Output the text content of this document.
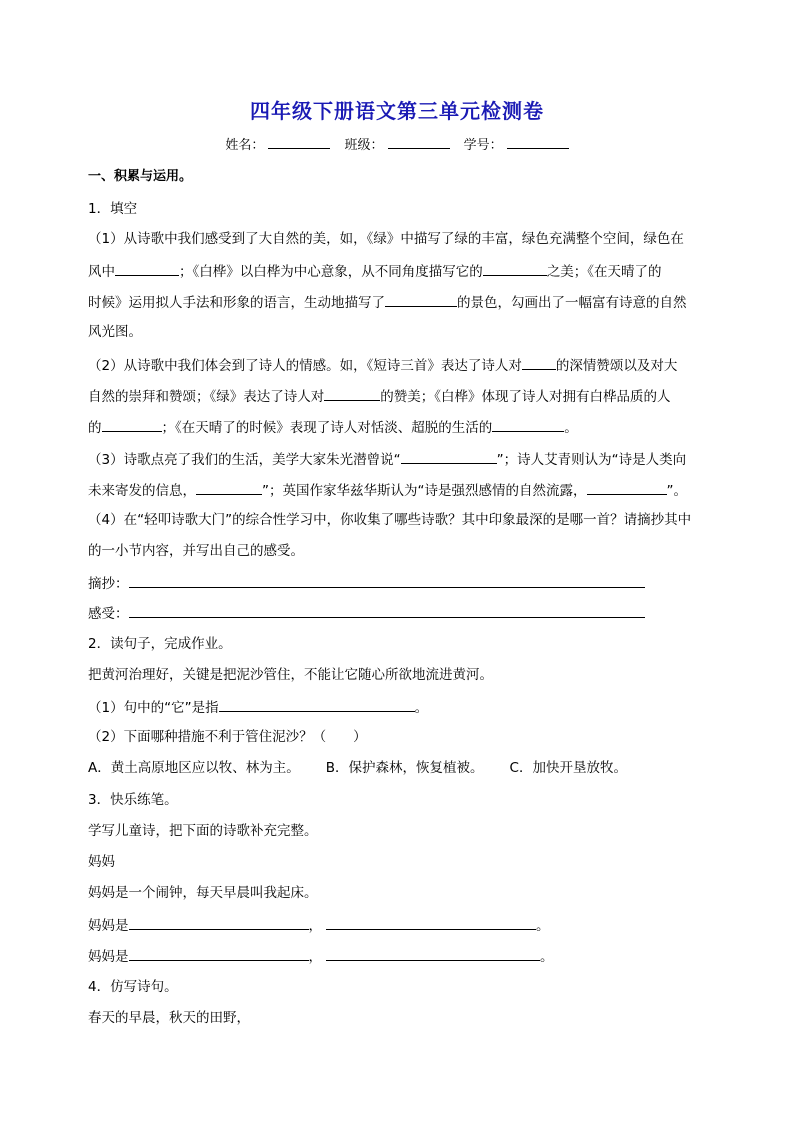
四年级下册语文第三单元检测卷
姓名：	班级：	学号：
一、积累与运用。
1．填空
（1）从诗歌中我们感受到了大自然的美，如，《绿》中描写了绿的丰富，绿色充满整个空间，绿色在
风中	；《白桦》以白桦为中心意象，从不同角度描写它的	之美；《在天晴了的
时候》运用拟人手法和形象的语言，生动地描写了	的景色，勾画出了一幅富有诗意的自然
风光图。
（2）从诗歌中我们体会到了诗人的情感。如，《短诗三首》表达了诗人对	的深情赞颂以及对大
自然的崇拜和赞颂；《绿》表达了诗人对	的赞美；《白桦》体现了诗人对拥有白桦品质的人
的	；《在天晴了的时候》表现了诗人对恬淡、超脱的生活的	。
（3）诗歌点亮了我们的生活，美学大家朱光潜曾说“	”；诗人艾青则认为“诗是人类向
未来寄发的信息，	”；英国作家华兹华斯认为“诗是强烈感情的自然流露，	”。
（4）在“轻叩诗歌大门”的综合性学习中，你收集了哪些诗歌？其中印象最深的是哪一首？请摘抄其中
的一小节内容，并写出自己的感受。
摘抄：
感受：
2．读句子，完成作业。
把黄河治理好，关键是把泥沙管住，不能让它随心所欲地流进黄河。
（1）句中的“它”是指	。
（2）下面哪种措施不利于管住泥沙？（　　）
A．黄土高原地区应以牧、林为主。 B．保护森林，恢复植被。 C．加快开垦放牧。
3．快乐练笔。
学写儿童诗，把下面的诗歌补充完整。
妈妈
妈妈是一个闹钟，每天早晨叫我起床。
妈妈是	，	。
妈妈是	，	。
4．仿写诗句。
春天的早晨，秋天的田野，
